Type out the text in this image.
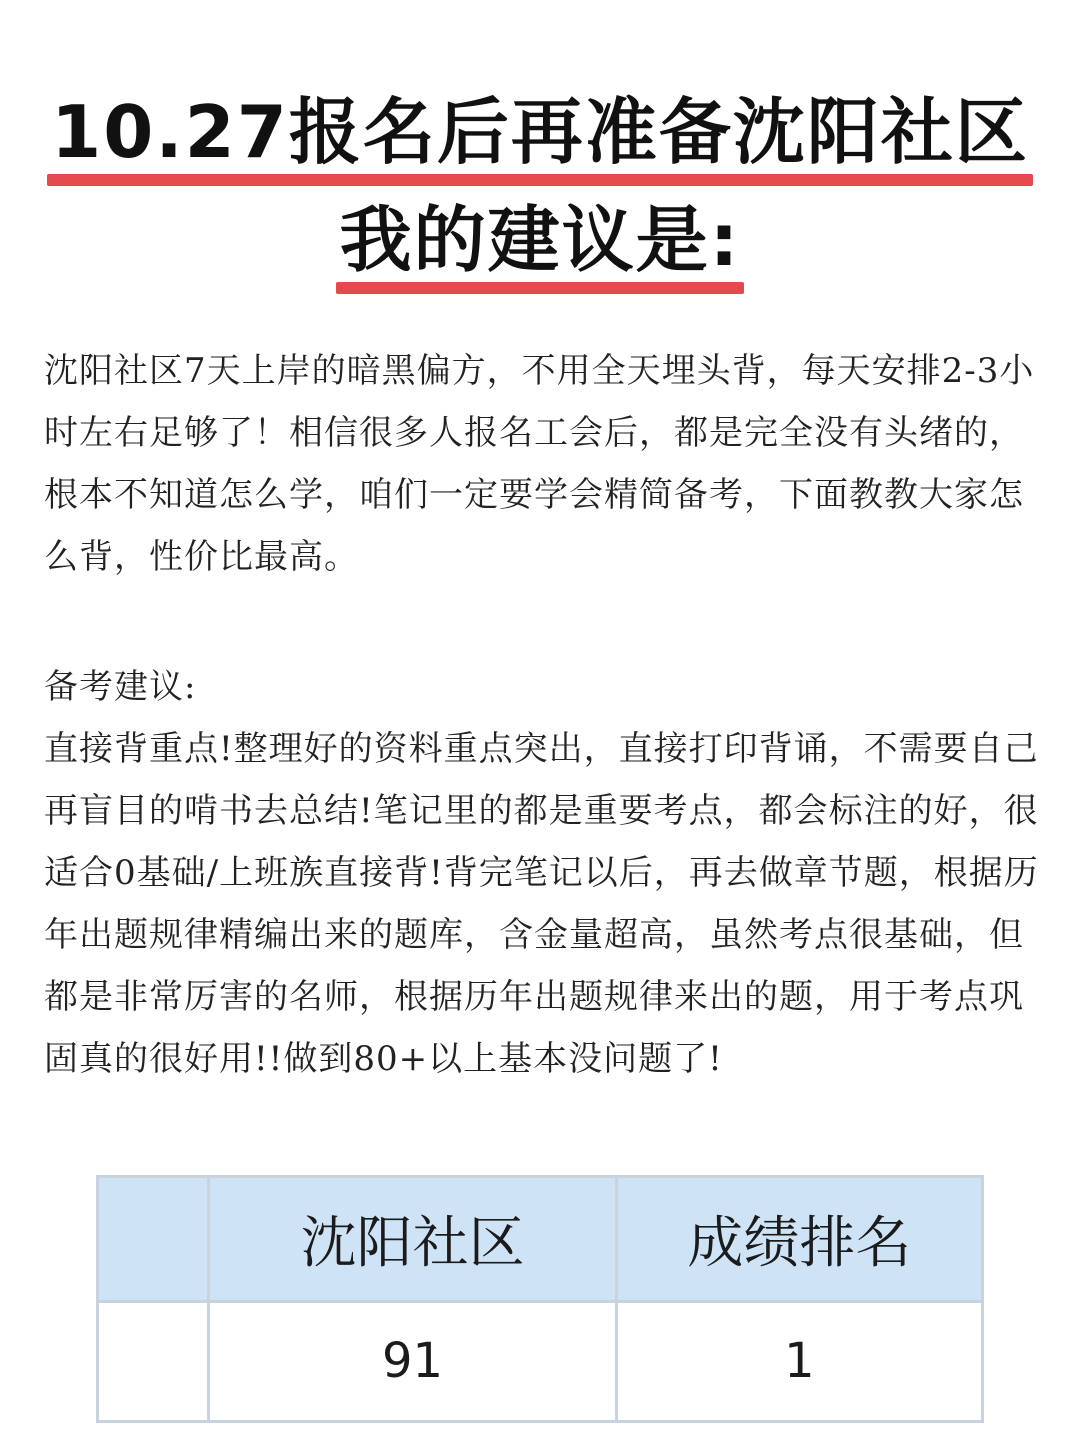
10.27报名后再准备沈阳社区
我的建议是:

沈阳社区7天上岸的暗黑偏方，不用全天埋头背，每天安排2-3小时左右足够了！相信很多人报名工会后，都是完全没有头绪的，根本不知道怎么学，咱们一定要学会精简备考，下面教教大家怎么背，性价比最高。

备考建议:

直接背重点!整理好的资料重点突出，直接打印背诵，不需要自己再盲目的啃书去总结!笔记里的都是重要考点，都会标注的好，很适合0基础/上班族直接背!背完笔记以后，再去做章节题，根据历年出题规律精编出来的题库，含金量超高，虽然考点很基础，但都是非常厉害的名师，根据历年出题规律来出的题，用于考点巩固真的很好用!!做到80+以上基本没问题了!

	沈阳社区	成绩排名
	91	1
